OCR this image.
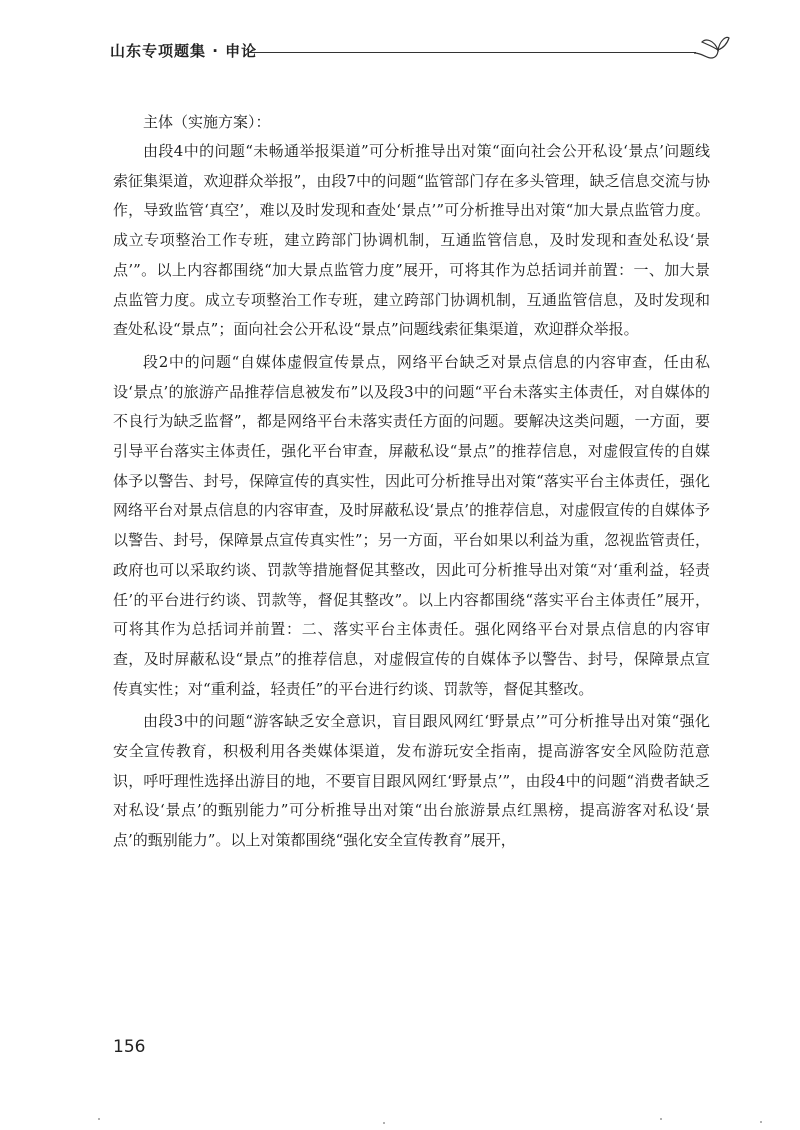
山东专项题集 · 申论

主体（实施方案）：

由段4中的问题“未畅通举报渠道”可分析推导出对策“面向社会公开私设‘景点’问题线索征集渠道，欢迎群众举报”，由段7中的问题“监管部门存在多头管理，缺乏信息交流与协作，导致监管‘真空’，难以及时发现和查处‘景点’”可分析推导出对策“加大景点监管力度。成立专项整治工作专班，建立跨部门协调机制，互通监管信息，及时发现和查处私设‘景点’”。以上内容都围绕“加大景点监管力度”展开，可将其作为总括词并前置：一、加大景点监管力度。成立专项整治工作专班，建立跨部门协调机制，互通监管信息，及时发现和查处私设“景点”；面向社会公开私设“景点”问题线索征集渠道，欢迎群众举报。

段2中的问题“自媒体虚假宣传景点，网络平台缺乏对景点信息的内容审查，任由私设‘景点’的旅游产品推荐信息被发布”以及段3中的问题“平台未落实主体责任，对自媒体的不良行为缺乏监督”，都是网络平台未落实责任方面的问题。要解决这类问题，一方面，要引导平台落实主体责任，强化平台审查，屏蔽私设“景点”的推荐信息，对虚假宣传的自媒体予以警告、封号，保障宣传的真实性，因此可分析推导出对策“落实平台主体责任，强化网络平台对景点信息的内容审查，及时屏蔽私设‘景点’的推荐信息，对虚假宣传的自媒体予以警告、封号，保障景点宣传真实性”；另一方面，平台如果以利益为重，忽视监管责任，政府也可以采取约谈、罚款等措施督促其整改，因此可分析推导出对策“对‘重利益，轻责任’的平台进行约谈、罚款等，督促其整改”。以上内容都围绕“落实平台主体责任”展开，可将其作为总括词并前置：二、落实平台主体责任。强化网络平台对景点信息的内容审查，及时屏蔽私设“景点”的推荐信息，对虚假宣传的自媒体予以警告、封号，保障景点宣传真实性；对“重利益，轻责任”的平台进行约谈、罚款等，督促其整改。

由段3中的问题“游客缺乏安全意识，盲目跟风网红‘野景点’”可分析推导出对策“强化安全宣传教育，积极利用各类媒体渠道，发布游玩安全指南，提高游客安全风险防范意识，呼吁理性选择出游目的地，不要盲目跟风网红‘野景点’”，由段4中的问题“消费者缺乏对私设‘景点’的甄别能力”可分析推导出对策“出台旅游景点红黑榜，提高游客对私设‘景点’的甄别能力”。以上对策都围绕“强化安全宣传教育”展开，

156
